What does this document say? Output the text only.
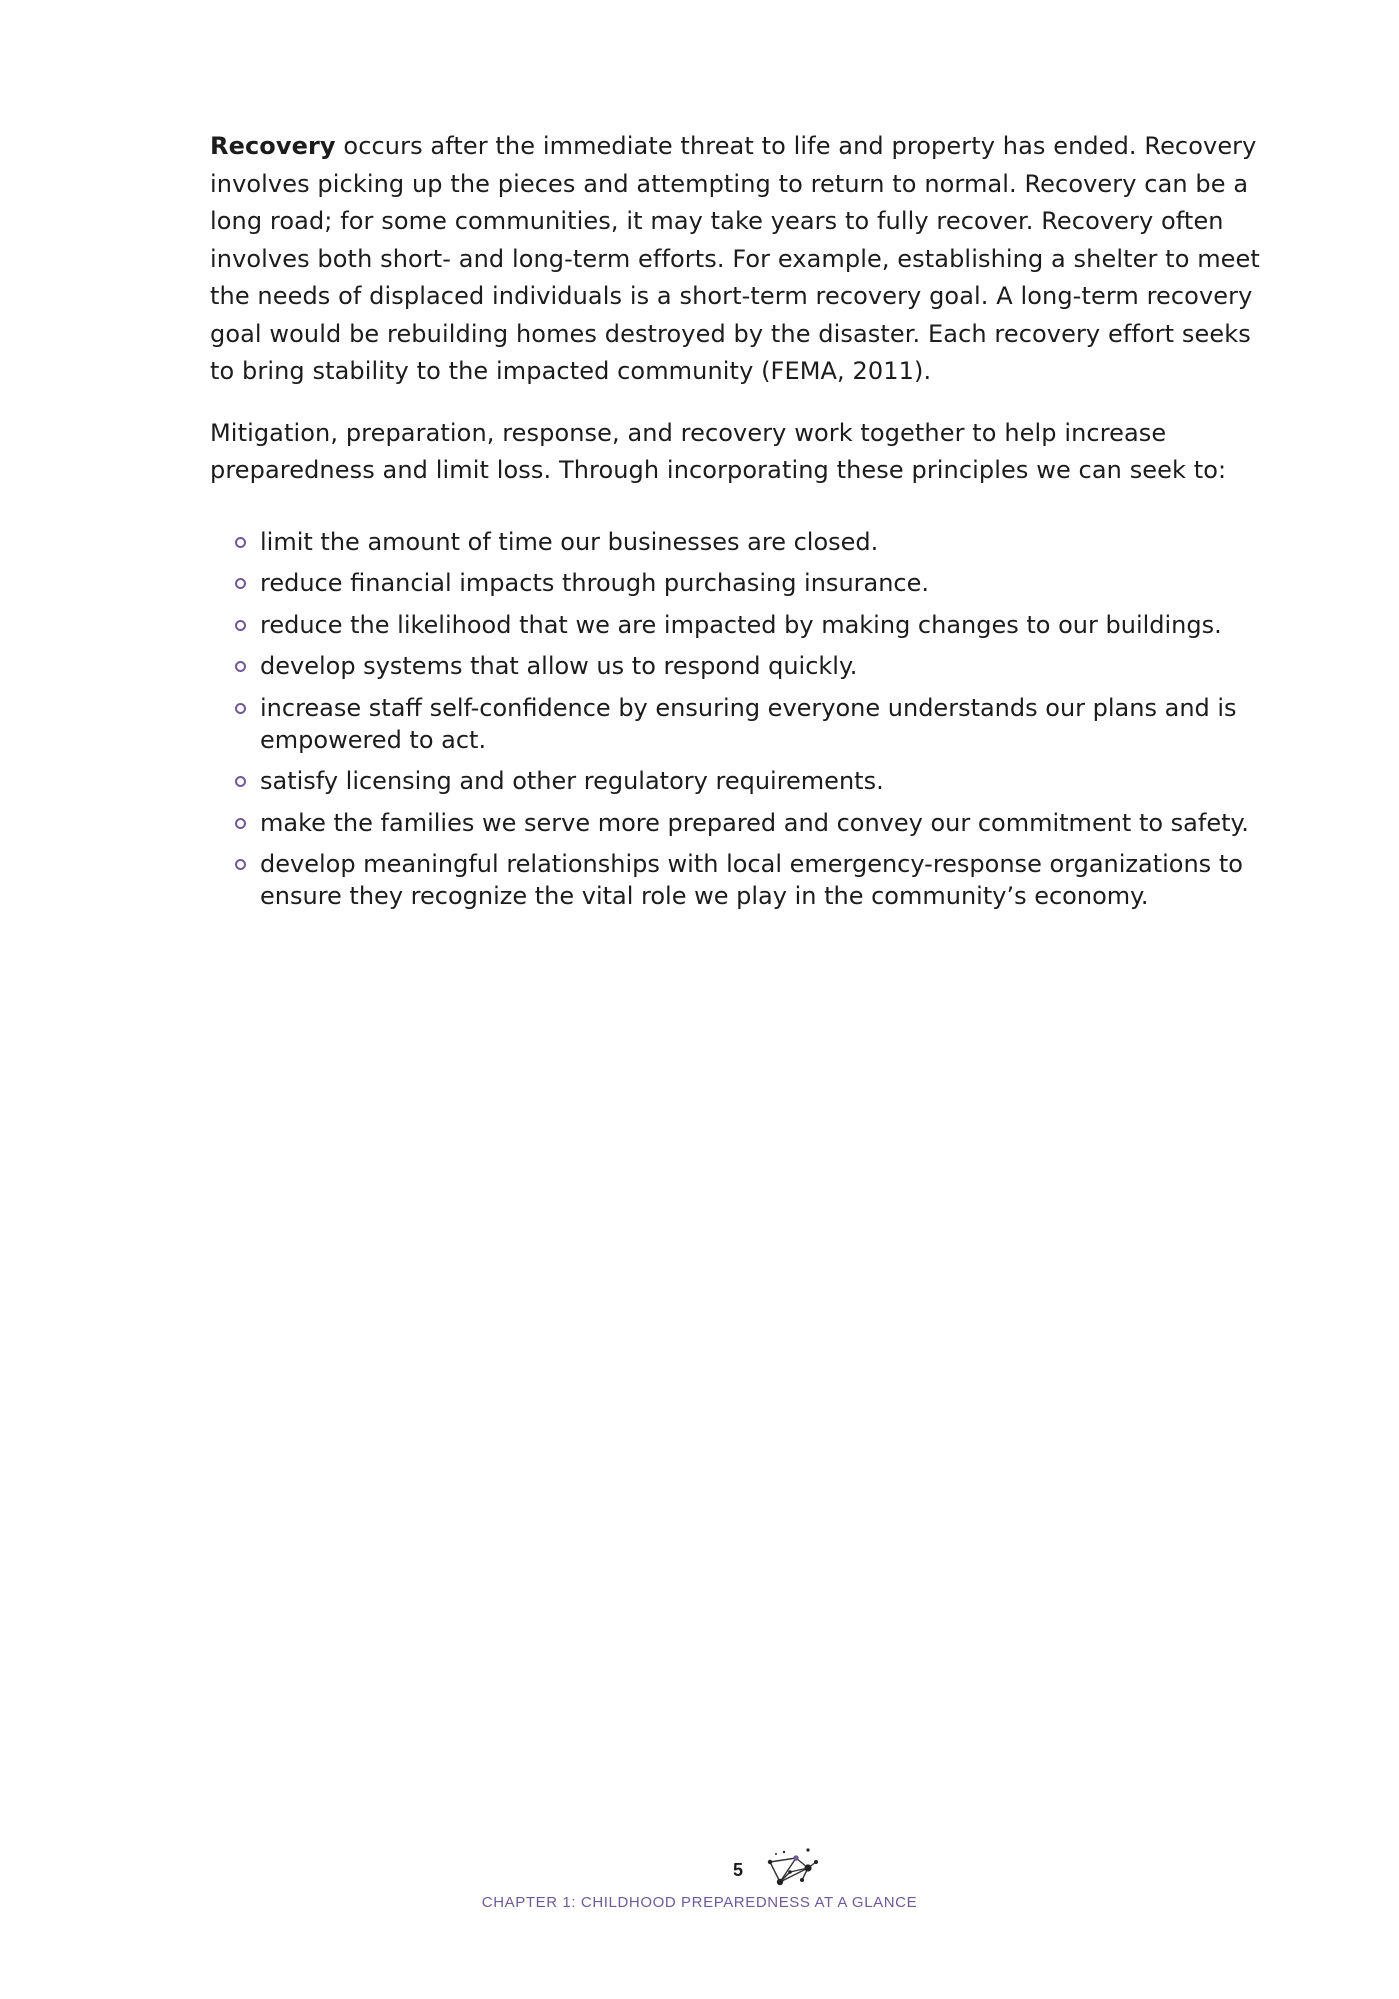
Recovery occurs after the immediate threat to life and property has ended. Recovery involves picking up the pieces and attempting to return to normal. Recovery can be a long road; for some communities, it may take years to fully recover. Recovery often involves both short- and long-term efforts. For example, establishing a shelter to meet the needs of displaced individuals is a short-term recovery goal. A long-term recovery goal would be rebuilding homes destroyed by the disaster. Each recovery effort seeks to bring stability to the impacted community (FEMA, 2011).

Mitigation, preparation, response, and recovery work together to help increase preparedness and limit loss. Through incorporating these principles we can seek to:

limit the amount of time our businesses are closed.
reduce financial impacts through purchasing insurance.
reduce the likelihood that we are impacted by making changes to our buildings.
develop systems that allow us to respond quickly.
increase staff self-confidence by ensuring everyone understands our plans and is empowered to act.
satisfy licensing and other regulatory requirements.
make the families we serve more prepared and convey our commitment to safety.
develop meaningful relationships with local emergency-response organizations to ensure they recognize the vital role we play in the community’s economy.
5
CHAPTER 1: CHILDHOOD PREPAREDNESS AT A GLANCE
